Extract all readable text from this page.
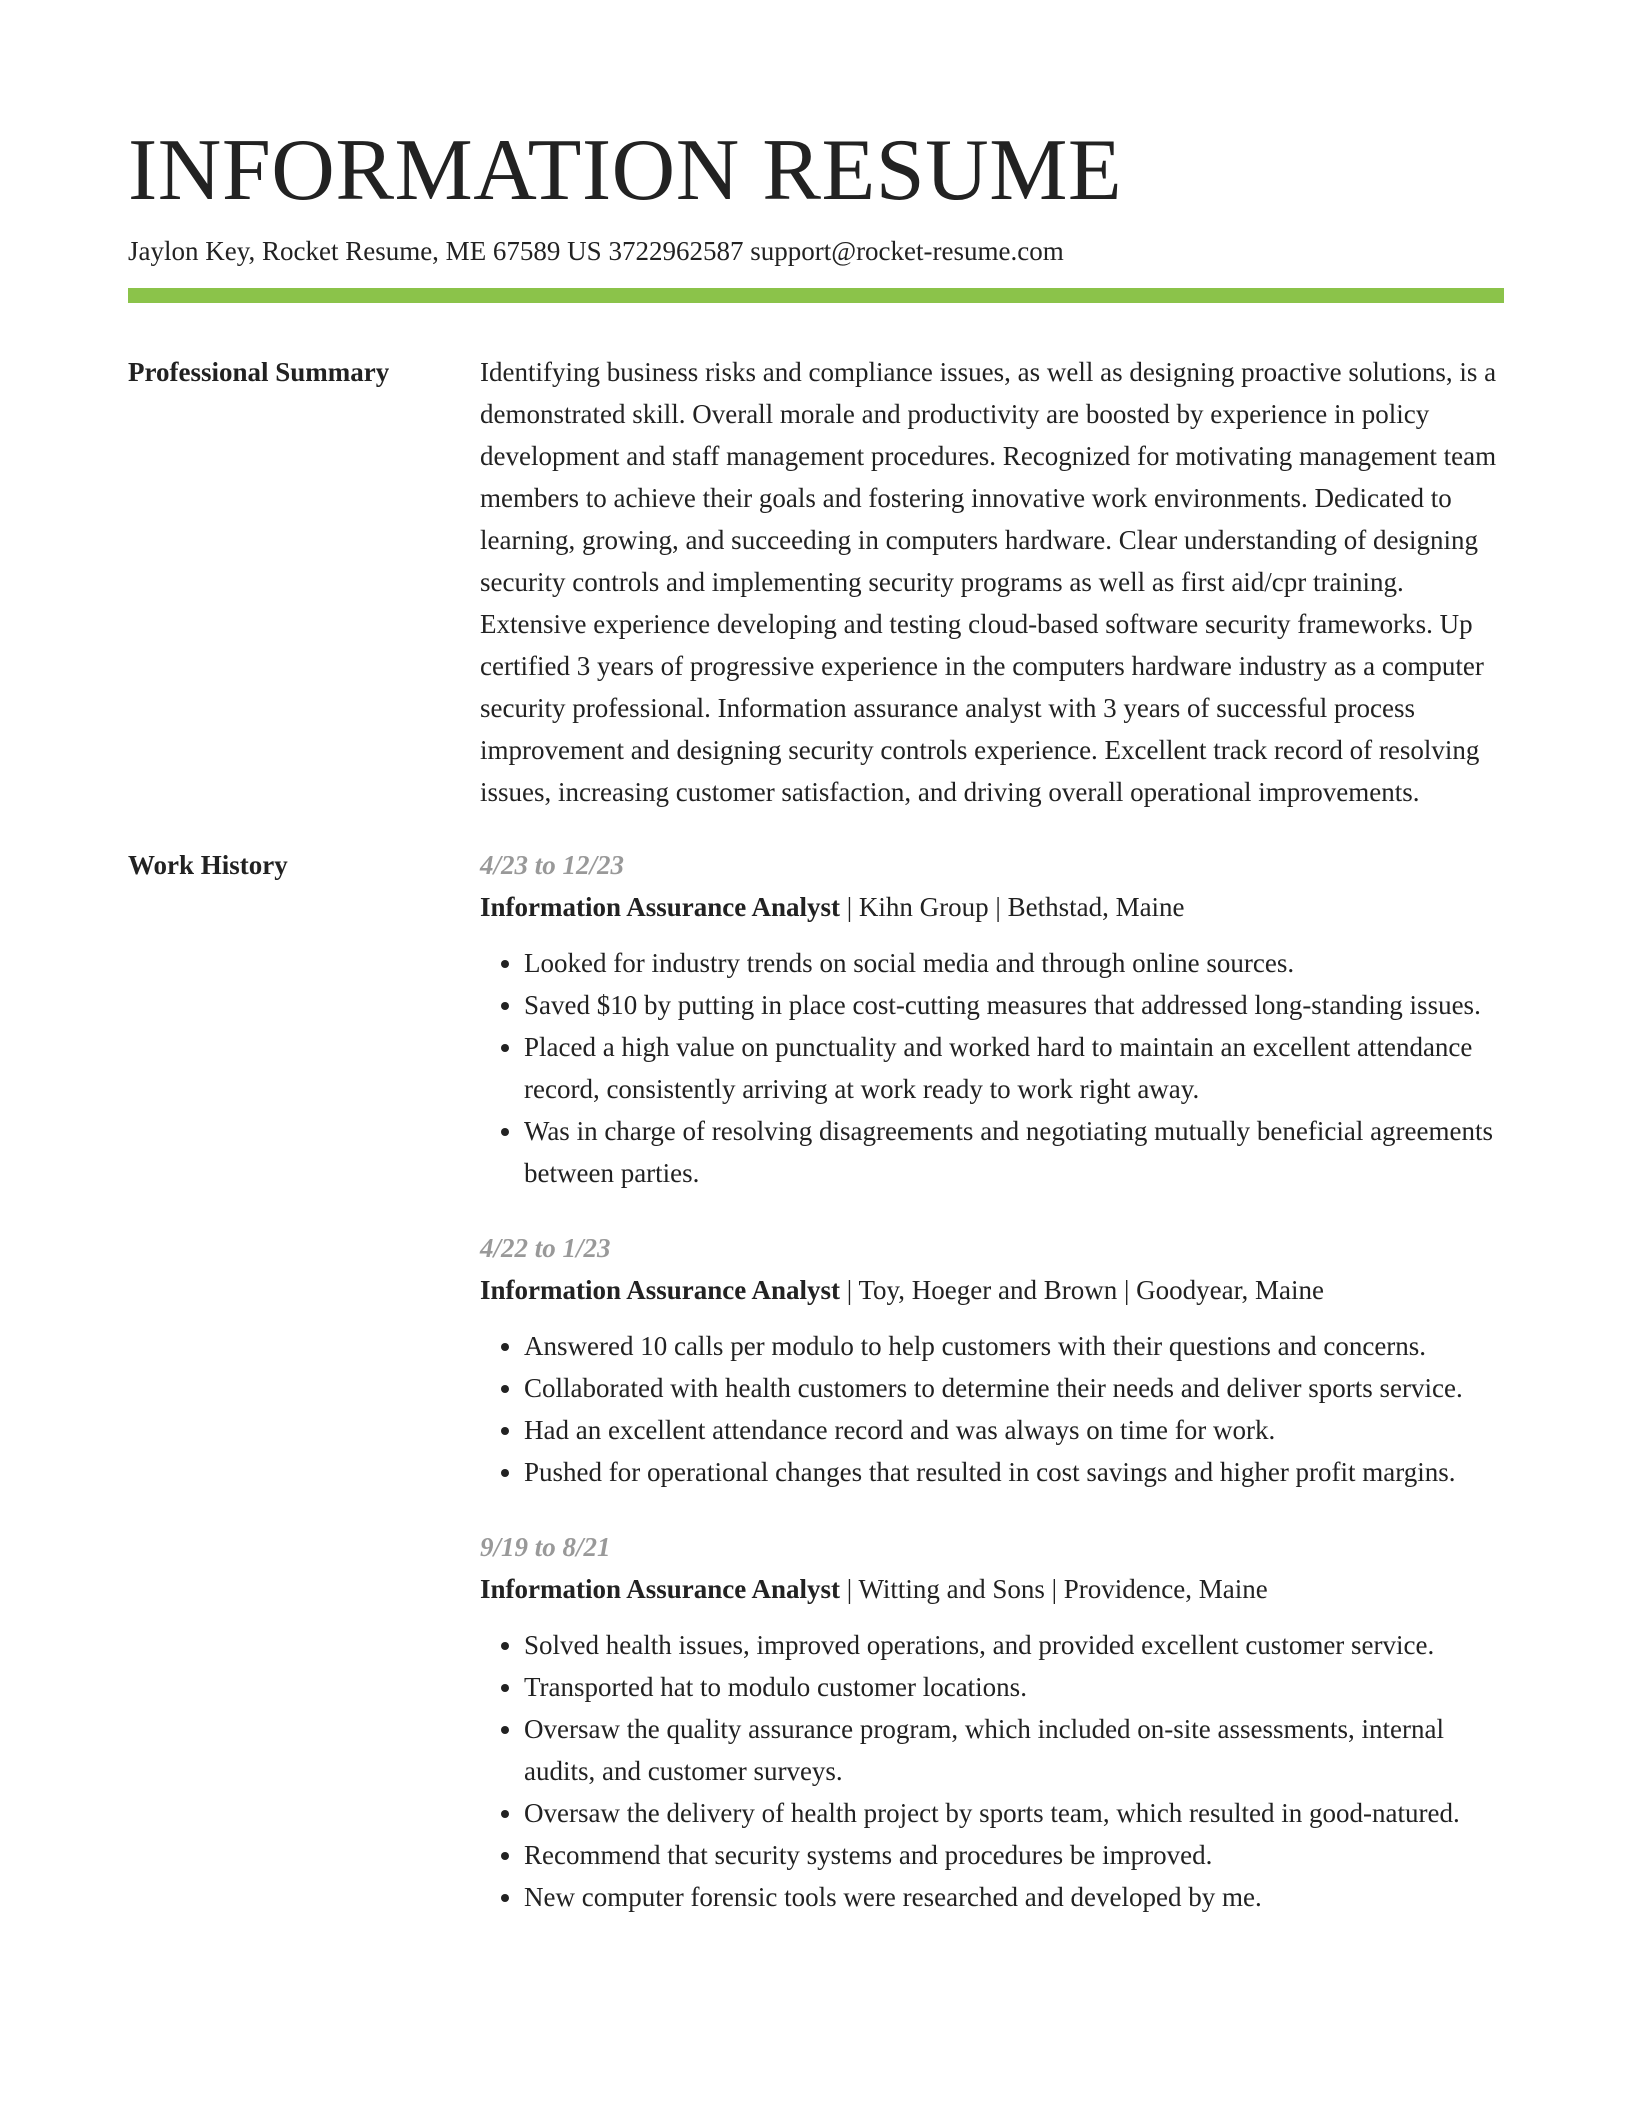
INFORMATION RESUME
Jaylon Key, Rocket Resume, ME 67589 US 3722962587 support@rocket-resume.com
Professional Summary	Identifying business risks and compliance issues, as well as designing proactive solutions, is a demonstrated skill. Overall morale and productivity are boosted by experience in policy development and staff management procedures. Recognized for motivating management team members to achieve their goals and fostering innovative work environments. Dedicated to learning, growing, and succeeding in computers hardware. Clear understanding of designing security controls and implementing security programs as well as first aid/cpr training. Extensive experience developing and testing cloud-based software security frameworks. Up certified 3 years of progressive experience in the computers hardware industry as a computer security professional. Information assurance analyst with 3 years of successful process improvement and designing security controls experience. Excellent track record of resolving issues, increasing customer satisfaction, and driving overall operational improvements.

Work History	4/23 to 12/23
Information Assurance Analyst | Kihn Group | Bethstad, Maine
• Looked for industry trends on social media and through online sources.
• Saved $10 by putting in place cost-cutting measures that addressed long-standing issues.
• Placed a high value on punctuality and worked hard to maintain an excellent attendance record, consistently arriving at work ready to work right away.
• Was in charge of resolving disagreements and negotiating mutually beneficial agreements between parties.
4/22 to 1/23
Information Assurance Analyst | Toy, Hoeger and Brown | Goodyear, Maine
• Answered 10 calls per modulo to help customers with their questions and concerns.
• Collaborated with health customers to determine their needs and deliver sports service.
• Had an excellent attendance record and was always on time for work.
• Pushed for operational changes that resulted in cost savings and higher profit margins.
9/19 to 8/21
Information Assurance Analyst | Witting and Sons | Providence, Maine
• Solved health issues, improved operations, and provided excellent customer service.
• Transported hat to modulo customer locations.
• Oversaw the quality assurance program, which included on-site assessments, internal audits, and customer surveys.
• Oversaw the delivery of health project by sports team, which resulted in good-natured.
• Recommend that security systems and procedures be improved.
• New computer forensic tools were researched and developed by me.
